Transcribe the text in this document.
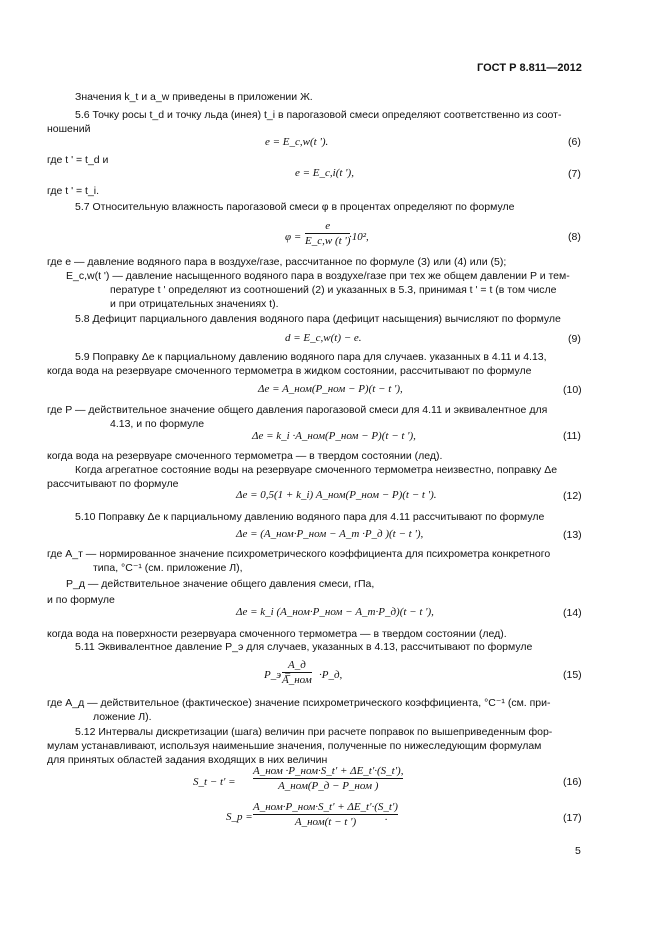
ГОСТ Р 8.811—2012
Значения k_t и a_w приведены в приложении Ж.
5.6 Точку росы t_d и точку льда (инея) t_i в парогазовой смеси определяют соответственно из соот-
ношений
e = E_c,w(t ').	(6)
где t ' = t_d и
e = E_c,i(t '),	(7)
где t ' = t_i.
5.7 Относительную влажность парогазовой смеси φ в процентах определяют по формуле
φ =
e
E_c,w (t ')
·10²,	(8)
где e — давление водяного пара в воздухе/газе, рассчитанное по формуле (3) или (4) или (5);
E_c,w(t ') — давление насыщенного водяного пара в воздухе/газе при тех же общем давлении P и тем-
пературе t ' определяют из соотношений (2) и указанных в 5.3, принимая t ' = t (в том числе
и при отрицательных значениях t).
5.8 Дефицит парциального давления водяного пара (дефицит насыщения) вычисляют по формуле
d = E_c,w(t) − e.	(9)
5.9 Поправку Δe к парциальному давлению водяного пара для случаев. указанных в 4.11 и 4.13,
когда вода на резервуаре смоченного термометра в жидком состоянии, рассчитывают по формуле
Δe = A_ном(P_ном − P)(t − t '),	(10)
где P — действительное значение общего давления парогазовой смеси для 4.11 и эквивалентное для
4.13, и по формуле
Δe = k_i ·A_ном(P_ном − P)(t − t '),	(11)
когда вода на резервуаре смоченного термометра — в твердом состоянии (лед).
Когда агрегатное состояние воды на резервуаре смоченного термометра неизвестно, поправку Δe
рассчитывают по формуле
Δe = 0,5(1 + k_i) A_ном(P_ном − P)(t − t ').	(12)
5.10 Поправку Δe к парциальному давлению водяного пара для 4.11 рассчитывают по формуле
Δe = (A_ном·P_ном − A_т ·P_д )(t − t '),	(13)
где A_т — нормированное значение психрометрического коэффициента для психрометра конкретного
типа, °C⁻¹ (см. приложение Л),
P_д — действительное значение общего давления смеси, гПа,
и по формуле
Δe = k_i (A_ном·P_ном − A_т·P_д)(t − t '),	(14)
когда вода на поверхности резервуара смоченного термометра — в твердом состоянии (лед).
5.11 Эквивалентное давление P_э для случаев, указанных в 4.13, рассчитывают по формуле
P_э =
A_д
A_ном ·P_д,	(15)
где A_д — действительное (фактическое) значение психрометрического коэффициента, °C⁻¹ (см. при-
ложение Л).
5.12 Интервалы дискретизации (шага) величин при расчете поправок по вышеприведенным фор-
мулам устанавливают, используя наименьшие значения, полученные по нижеследующим формулам
для принятых областей задания входящих в них величин
S_t − t' =
A_ном ·P_ном·S_t' + ΔE_t'·(S_t'),
A_ном(P_д − P_ном )	(16)
S_p =
A_ном·P_ном·S_t' + ΔE_t'·(S_t')
A_ном(t − t ')	.	(17)
5
